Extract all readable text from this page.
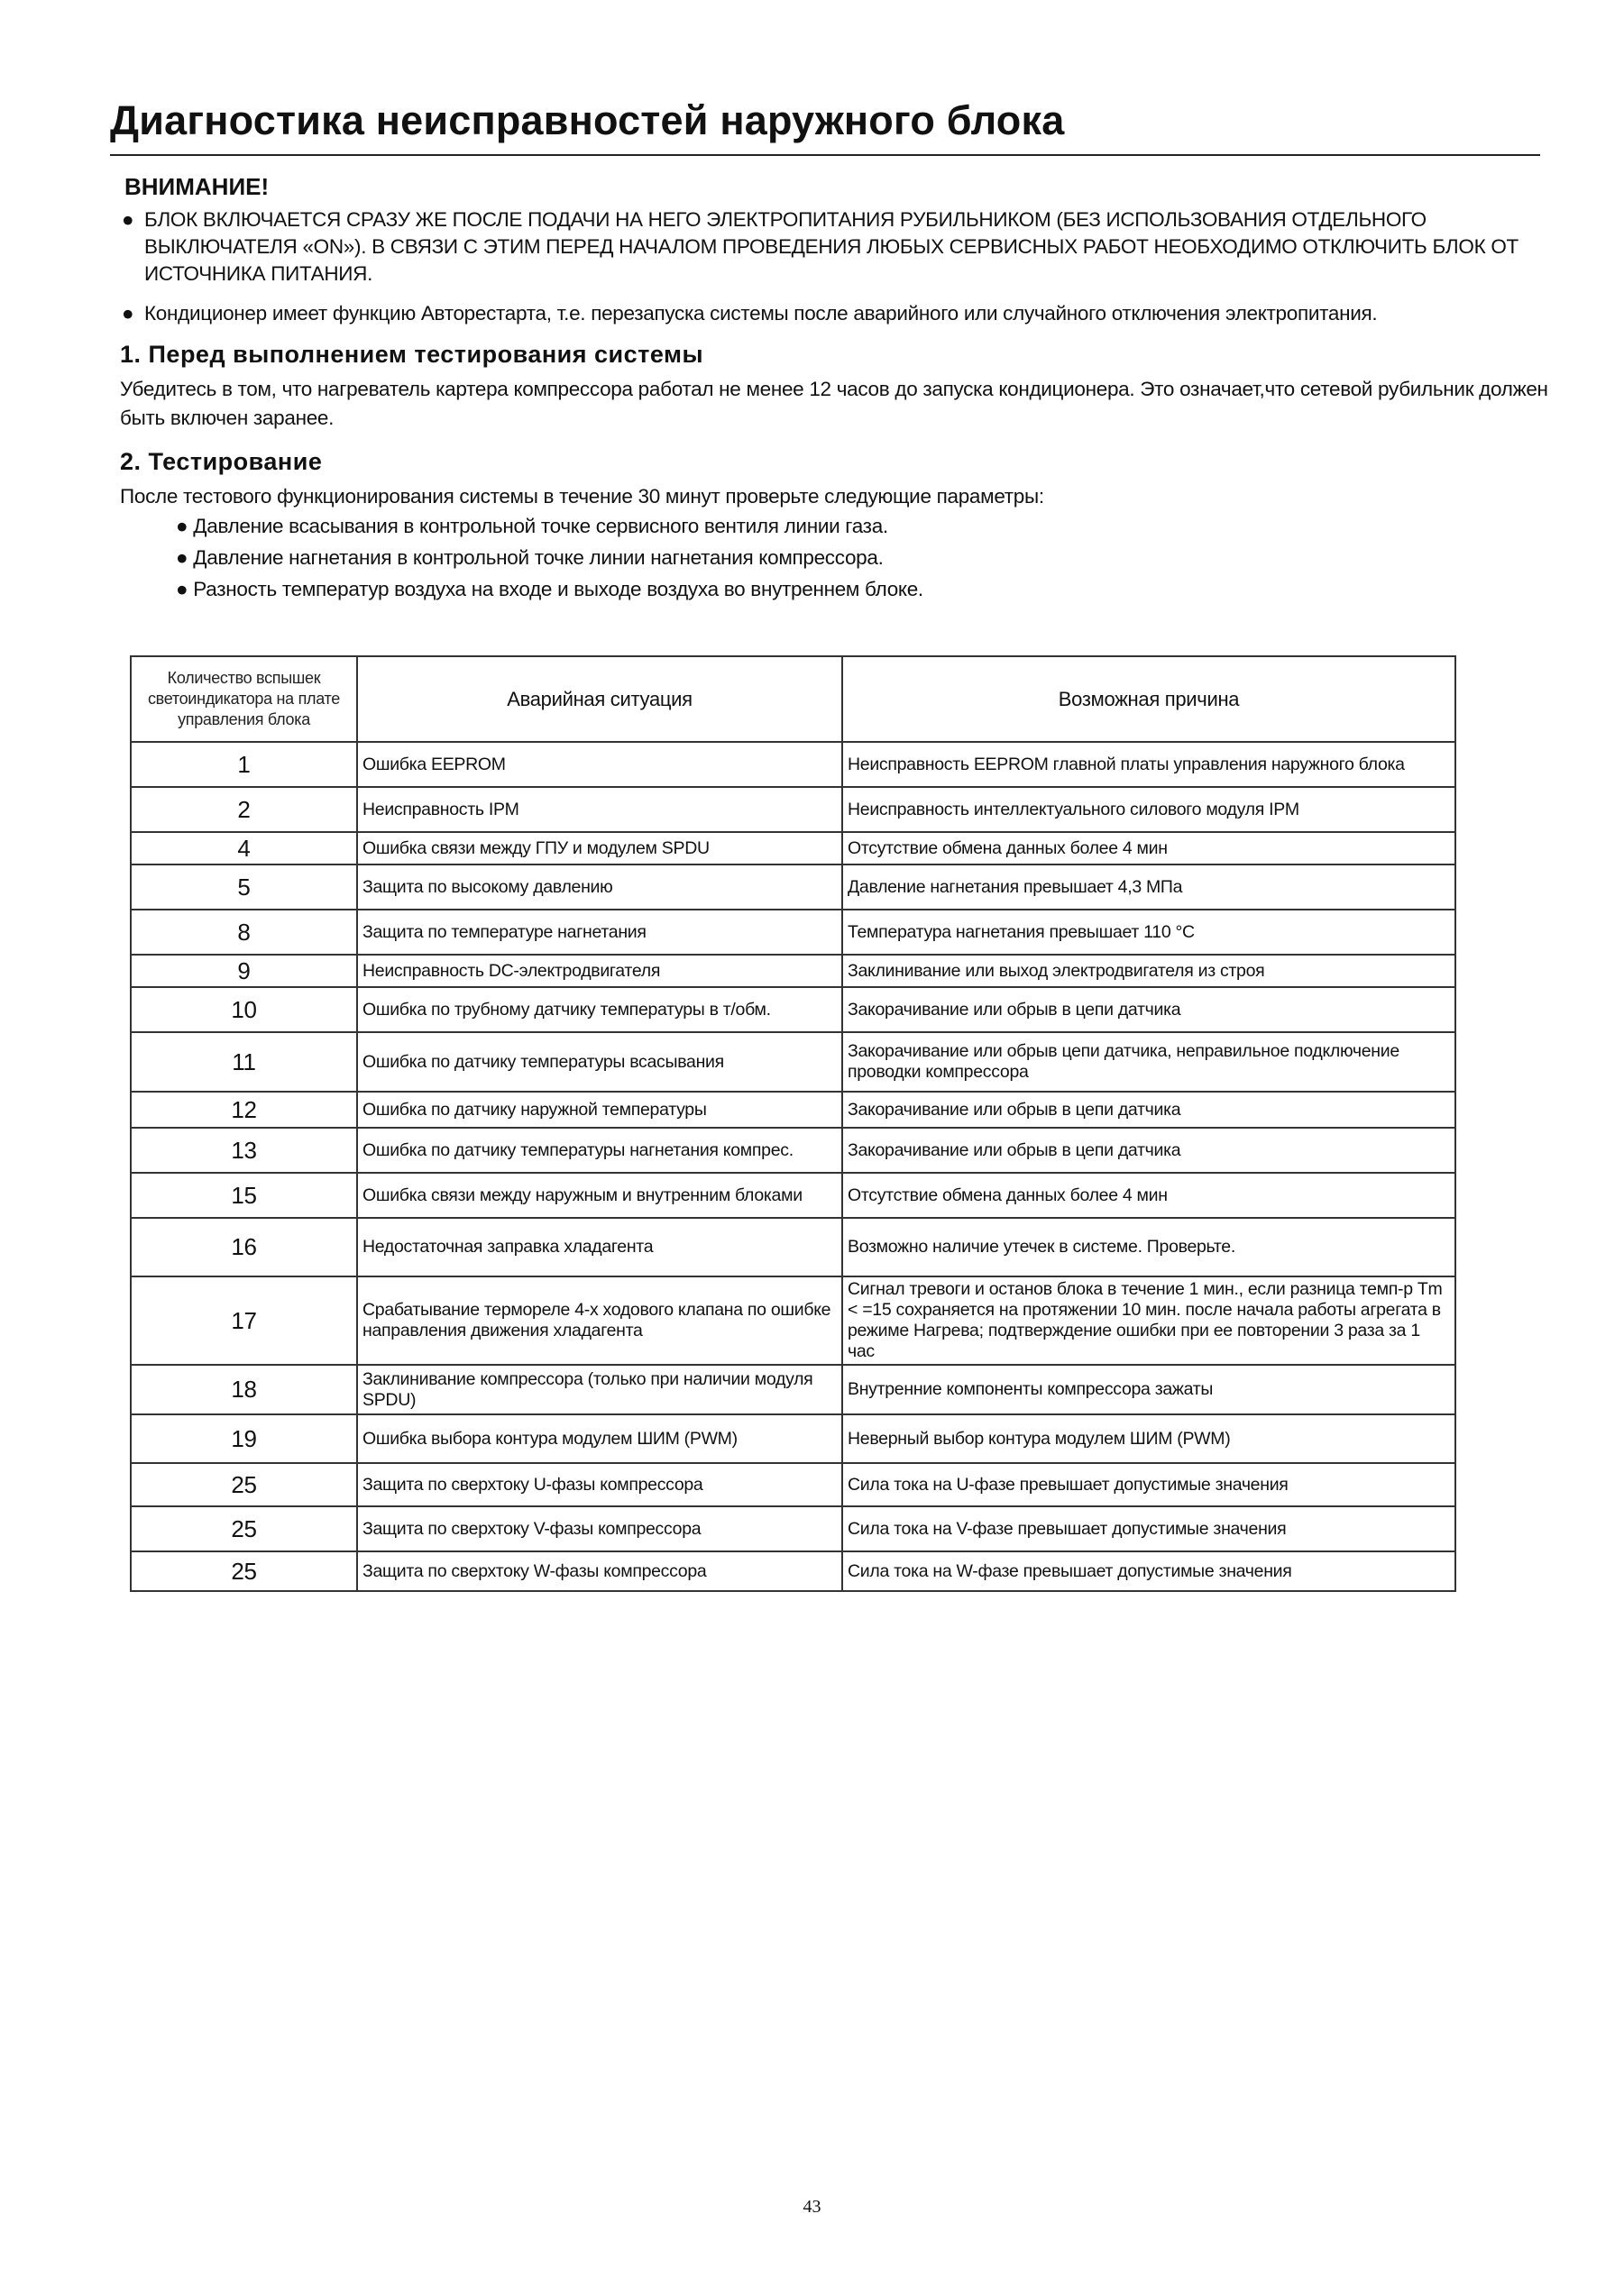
Диагностика неисправностей наружного блока
ВНИМАНИЕ!
● БЛОК ВКЛЮЧАЕТСЯ СРАЗУ ЖЕ ПОСЛЕ ПОДАЧИ НА НЕГО ЭЛЕКТРОПИТАНИЯ РУБИЛЬНИКОМ (БЕЗ ИСПОЛЬЗОВАНИЯ ОТДЕЛЬНОГО ВЫКЛЮЧАТЕЛЯ «ON»). В СВЯЗИ С ЭТИМ ПЕРЕД НАЧАЛОМ ПРОВЕДЕНИЯ ЛЮБЫХ СЕРВИСНЫХ РАБОТ НЕОБХОДИМО ОТКЛЮЧИТЬ БЛОК ОТ ИСТОЧНИКА ПИТАНИЯ.
● Кондиционер имеет функцию Авторестарта, т.е. перезапуска системы после аварийного или случайного отключения электропитания.
1. Перед выполнением тестирования системы
Убедитесь в том, что нагреватель картера компрессора работал не менее 12 часов до запуска кондиционера. Это означает,что сетевой рубильник должен быть включен заранее.
2. Тестирование
После тестового функционирования системы в течение 30 минут проверьте следующие параметры:
● Давление всасывания в контрольной точке сервисного вентиля линии газа.
● Давление нагнетания в контрольной точке линии нагнетания компрессора.
● Разность температур воздуха на входе и выходе воздуха во внутреннем блоке.
Количество вспышек светоиндикатора на плате управления блока	Аварийная ситуация	Возможная причина
1	Ошибка EEPROM	Неисправность EEPROM главной платы управления наружного блока
2	Неисправность IPM	Неисправность интеллектуального силового модуля IPM
4	Ошибка связи между ГПУ и модулем SPDU	Отсутствие обмена данных более 4 мин
5	Защита по высокому давлению	Давление нагнетания превышает 4,3 МПа
8	Защита по температуре нагнетания	Температура нагнетания превышает 110 °C
9	Неисправность DC-электродвигателя	Заклинивание или выход электродвигателя из строя
10	Ошибка по трубному датчику температуры в т/обм.	Закорачивание или обрыв в цепи датчика
11	Ошибка по датчику температуры всасывания	Закорачивание или обрыв цепи датчика, неправильное подключение проводки компрессора
12	Ошибка по датчику наружной температуры	Закорачивание или обрыв в цепи датчика
13	Ошибка по датчику температуры нагнетания компрес.	Закорачивание или обрыв в цепи датчика
15	Ошибка связи между наружным и внутренним блоками	Отсутствие обмена данных более 4 мин
16	Недостаточная заправка хладагента	Возможно наличие утечек в системе. Проверьте.
17	Срабатывание термореле 4-х ходового клапана по ошибке направления движения хладагента	Сигнал тревоги и останов блока в течение 1 мин., если разница темп-р Tm < =15 сохраняется на протяжении 10 мин. после начала работы агрегата в режиме Нагрева; подтверждение ошибки при ее повторении 3 раза за 1 час
18	Заклинивание компрессора (только при наличии модуля SPDU)	Внутренние компоненты компрессора зажаты
19	Ошибка выбора контура модулем ШИМ (PWM)	Неверный выбор контура модулем ШИМ (PWM)
25	Защита по сверхтоку U-фазы компрессора	Сила тока на U-фазе превышает допустимые значения
25	Защита по сверхтоку V-фазы компрессора	Сила тока на V-фазе превышает допустимые значения
25	Защита по сверхтоку W-фазы компрессора	Сила тока на W-фазе превышает допустимые значения
43
